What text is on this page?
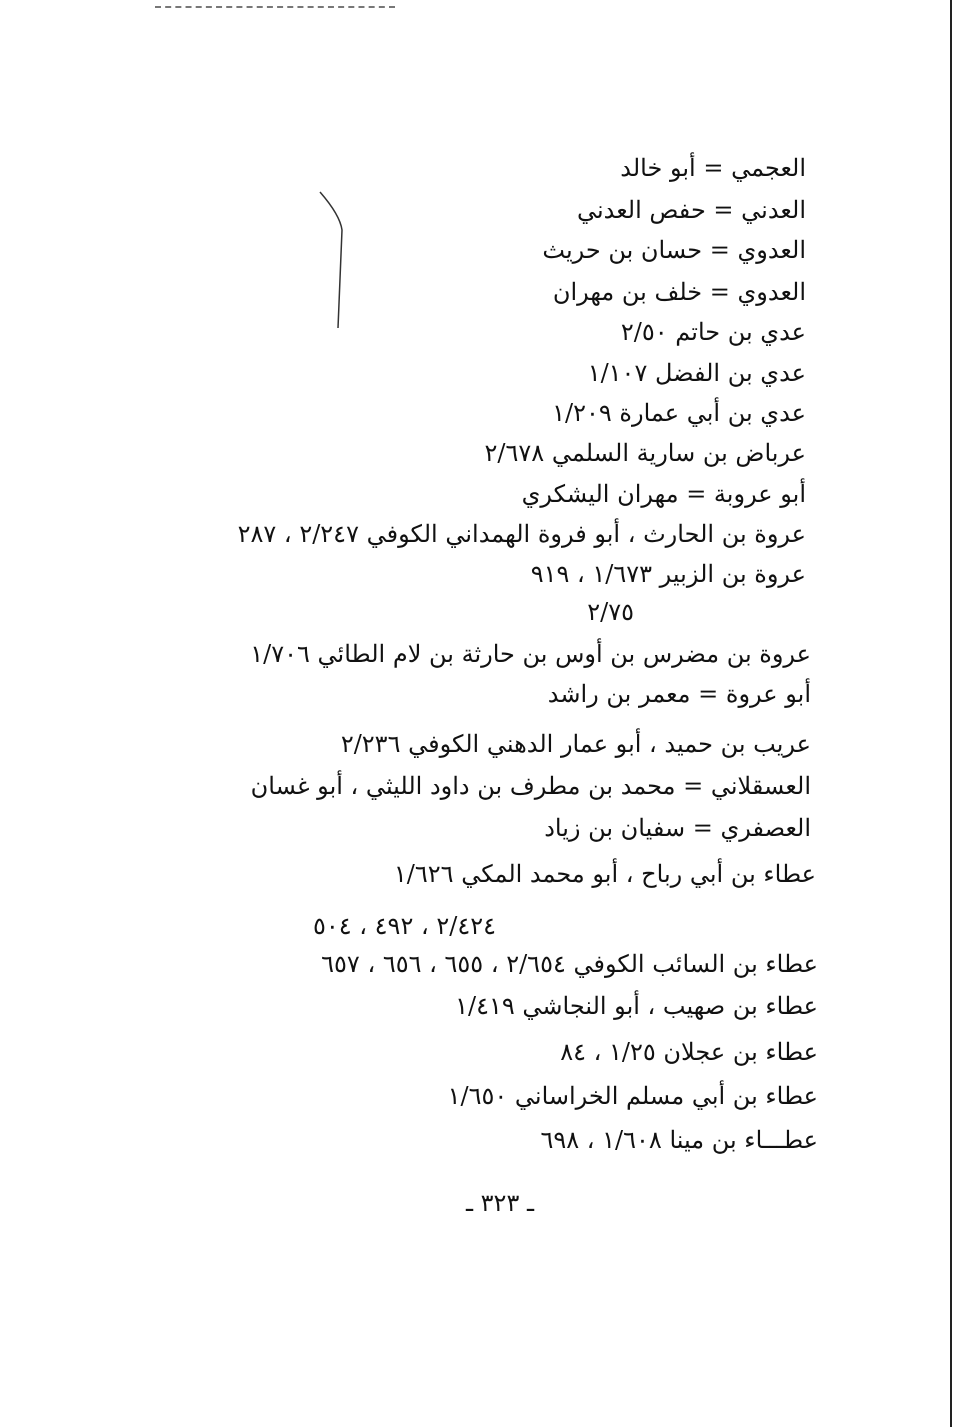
العجمي = أبو خالد
العدني = حفص العدني
العدوي = حسان بن حريث
العدوي = خلف بن مهران
عدي بن حاتم ٢/٥٠
عدي بن الفضل ١/١٠٧
عدي بن أبي عمارة ١/٢٠٩
عرباض بن سارية السلمي ٢/٦٧٨
أبو عروبة = مهران اليشكري
عروة بن الحارث ، أبو فروة الهمداني الكوفي ٢/٢٤٧ ، ٢٨٧
عروة بن الزبير ١/٦٧٣ ، ٩١٩
٢/٧٥
عروة بن مضرس بن أوس بن حارثة بن لام الطائي ١/٧٠٦
أبو عروة = معمر بن راشد
عريب بن حميد ، أبو عمار الدهني الكوفي ٢/٢٣٦
العسقلاني = محمد بن مطرف بن داود الليثي ، أبو غسان
العصفري = سفيان بن زياد
عطاء بن أبي رباح ، أبو محمد المكي ١/٦٢٦
٢/٤٢٤ ، ٤٩٢ ، ٥٠٤
عطاء بن السائب الكوفي ٢/٦٥٤ ، ٦٥٥ ، ٦٥٦ ، ٦٥٧
عطاء بن صهيب ، أبو النجاشي ١/٤١٩
عطاء بن عجلان ١/٢٥ ، ٨٤
عطاء بن أبي مسلم الخراساني ١/٦٥٠
عطـــاء بن مينا ١/٦٠٨ ، ٦٩٨
ـ ٣٢٣ ـ
